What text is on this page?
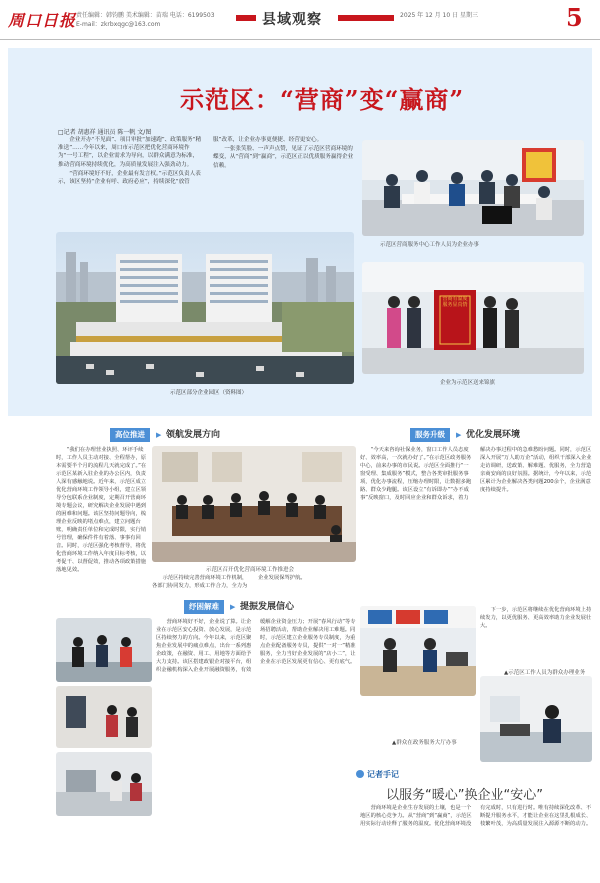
周口日报 责任编辑：韩钧鹏 美术编辑：苗瑞 电话：6199503
E-mail：zkrbxqgc@163.com	县域观察	2025 年 12 月 10 日 星期三	5
示范区：“营商”变“赢商”
□记者 胡惠祥 通讯员 陈一帆 文/图

企业开办“不见面”、项目审批“加速跑”、政策服务“精准送”……今年以来，周口市示范区把优化营商环境作为“一号工程”，以企业需求为导向，以群众满意为标准，推动营商环境持续优化，为高质量发展注入强劲动力。

“营商环境好不好，企业最有发言权。”示范区负责人表示，该区坚持“企业有呼、政府必应”，持续深化“放管服”改革，让企业办事更便捷、经营更安心。

一张张笑脸、一声声点赞，见证了示范区营商环境的蝶变，从“营商”到“赢商”，示范区正以优质服务赢得企业信赖。

示范区营商服务中心工作人员为企业办事
示范区部分企业园区（资料图）
营商有温度 服务显真情
企业为示范区送来锦旗
高位推进	▶ 领航发展方向

“我们在办理营业执照、环评手续时，工作人员主动对接、全程帮办，原本需要半个月的流程几天就完成了。”在示范区某新入驻企业的办公区内，负责人深有感触地说。近年来，示范区成立优化营商环境工作领导小组，建立区领导分包联系企业制度，定期召开营商环境专题会议，研究解决企业发展中遇到的困难和问题。该区坚持问题导向，梳理企业反映的堵点难点，建立问题台账，明确责任单位和完成时限，实行销号管理，确保件件有着落、事事有回音。同时，示范区强化考核督导，将优化营商环境工作纳入年度目标考核，以考促干、以督促效，推动各项政策措施落地见效。	示范区召开优化营商环境工作推进会

示范区持续完善营商环境工作机制，各部门协同发力，形成工作合力，全力为企业发展保驾护航。

服务升级	▶ 优化发展环境

“今天来咨询社保业务，窗口工作人员态度好、效率高，一次就办好了。”在示范区政务服务中心，前来办事的市民说。示范区全面推行“一窗受理、集成服务”模式，整合各类审批服务事项，优化办事流程，压缩办理时限，让数据多跑路、群众少跑腿。该区设立“有诉即办”“办不成事”反映窗口，及时回应企业和群众诉求，着力解决办事过程中的急难愁盼问题。同时，示范区深入开展“万人助万企”活动，组织干部深入企业走访调研，送政策、解难题、优服务，全力营造亲商安商的良好氛围。据统计，今年以来，示范区累计为企业解决各类问题200余个，企业满意度持续提升。

下一步，示范区将继续在优化营商环境上持续发力，以更优服务、更高效率助力企业发展壮大。

▲示范区工作人员为群众办理业务
▲群众在政务服务大厅办事
纾困解难	▶ 提振发展信心

营商环境好不好，企业说了算。让企业在示范区安心投资、放心发展，是示范区持续努力的方向。今年以来，示范区聚焦企业发展中的痛点难点，出台一系列惠企政策，在融资、用工、用地等方面给予大力支持。该区搭建政银企对接平台，组织金融机构深入企业开展融资服务，有效缓解企业资金压力；开展“春风行动”等专场招聘活动，帮助企业解决用工难题。同时，示范区建立企业服务专员制度，为重点企业配备服务专员，提供“一对一”精准服务，全力当好企业发展的“店小二”，让企业在示范区发展更有信心、更有底气。

记者手记
以服务“暖心”换企业“安心”

营商环境是企业生存发展的土壤，也是一个地区的核心竞争力。从“营商”到“赢商”，示范区用实际行动诠释了服务的温度。优化营商环境没有完成时，只有进行时。唯有持续深化改革、不断提升服务水平，才能让企业在这里扎根成长、枝繁叶茂，为高质量发展注入源源不断的动力。
